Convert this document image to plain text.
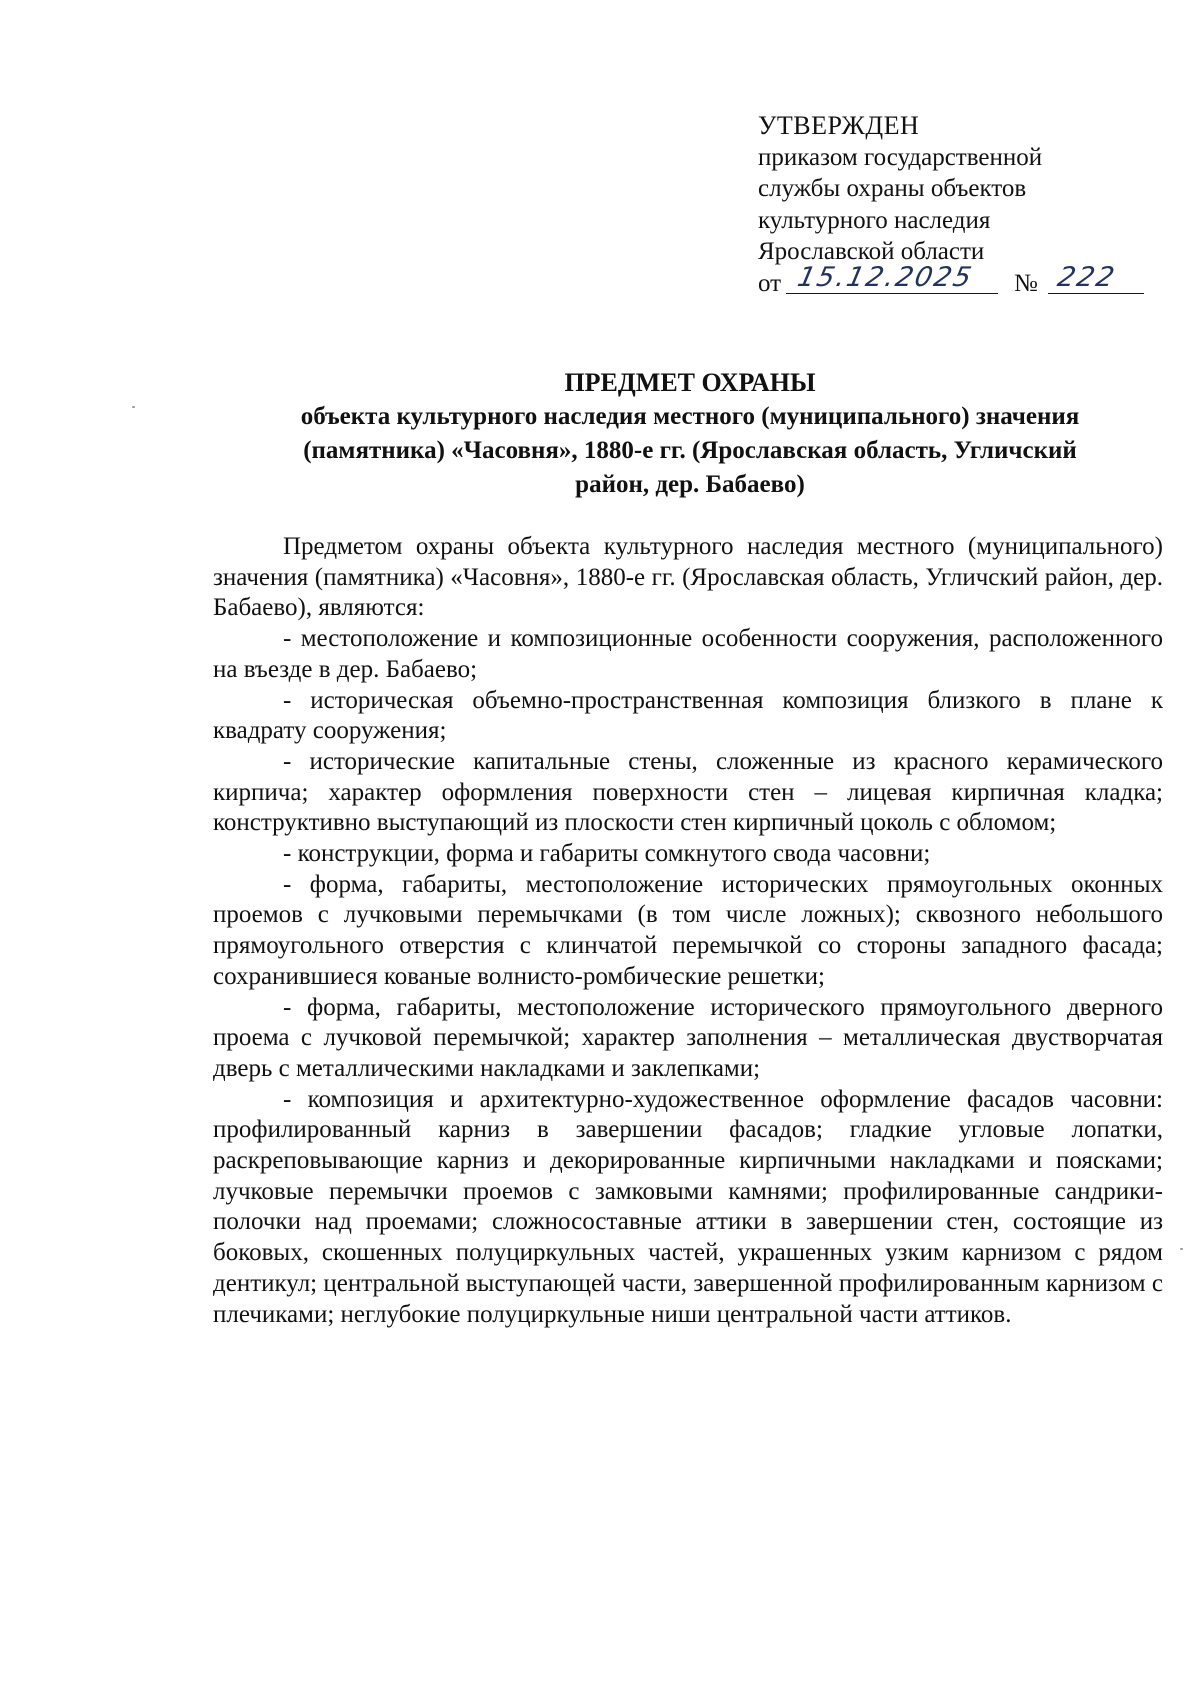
УТВЕРЖДЕН
приказом государственной
службы охраны объектов
культурного наследия
Ярославской области
от 15.12.2025 № 222
ПРЕДМЕТ ОХРАНЫ
объекта культурного наследия местного (муниципального) значения
(памятника) «Часовня», 1880-е гг. (Ярославская область, Угличский
район, дер. Бабаево)

Предметом охраны объекта культурного наследия местного (муниципального) значения (памятника) «Часовня», 1880-е гг. (Ярославская область, Угличский район, дер. Бабаево), являются:

- местоположение и композиционные особенности сооружения, расположенного на въезде в дер. Бабаево;

- историческая объемно-пространственная композиция близкого в плане к квадрату сооружения;

- исторические капитальные стены, сложенные из красного керамического кирпича; характер оформления поверхности стен – лицевая кирпичная кладка; конструктивно выступающий из плоскости стен кирпичный цоколь с обломом;

- конструкции, форма и габариты сомкнутого свода часовни;

- форма, габариты, местоположение исторических прямоугольных оконных проемов с лучковыми перемычками (в том числе ложных); сквозного небольшого прямоугольного отверстия с клинчатой перемычкой со стороны западного фасада; сохранившиеся кованые волнисто-ромбические решетки;

- форма, габариты, местоположение исторического прямоугольного дверного проема с лучковой перемычкой; характер заполнения – металлическая двустворчатая дверь с металлическими накладками и заклепками;

- композиция и архитектурно-художественное оформление фасадов часовни: профилированный карниз в завершении фасадов; гладкие угловые лопатки, раскреповывающие карниз и декорированные кирпичными накладками и поясками; лучковые перемычки проемов с замковыми камнями; профилированные сандрики-полочки над проемами; сложносоставные аттики в завершении стен, состоящие из боковых, скошенных полуциркульных частей, украшенных узким карнизом с рядом дентикул; центральной выступающей части, завершенной профилированным карнизом с плечиками; неглубокие полуциркульные ниши центральной части аттиков.
